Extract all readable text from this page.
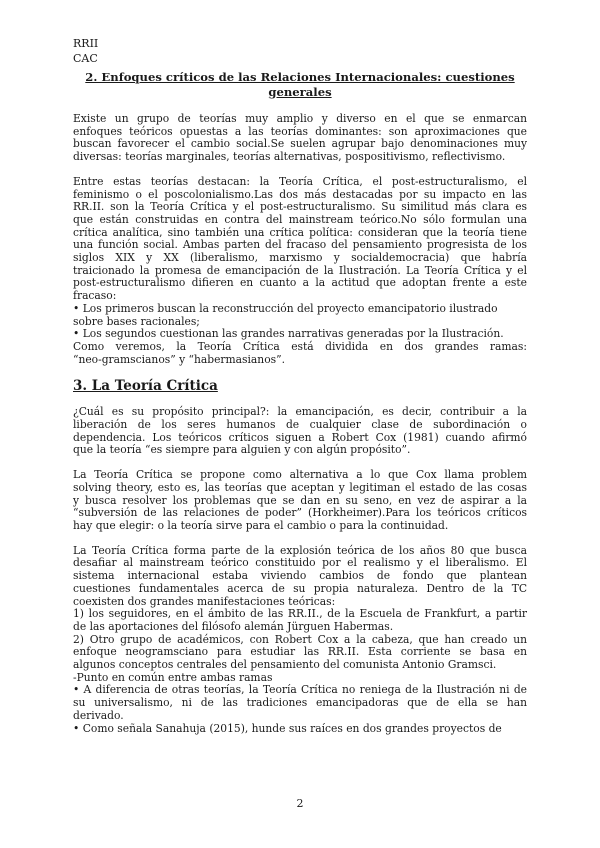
RRII
CAC
2. Enfoques críticos de las Relaciones Internacionales: cuestiones generales

Existe un grupo de teorías muy amplio y diverso en el que se enmarcan
enfoques teóricos opuestas a las teorías dominantes: son aproximaciones que
buscan favorecer el cambio social.Se suelen agrupar bajo denominaciones muy
diversas: teorías marginales, teorías alternativas, pospositivismo, reflectivismo.

Entre estas teorías destacan: la Teoría Crítica, el post-estructuralismo, el
feminismo o el poscolonialismo.Las dos más destacadas por su impacto en las
RR.II. son la Teoría Crítica y el post-estructuralismo. Su similitud más clara es
que están construidas en contra del mainstream teórico.No sólo formulan una
crítica analítica, sino también una crítica política: consideran que la teoría tiene
una función social. Ambas parten del fracaso del pensamiento progresista de los
siglos XIX y XX (liberalismo, marxismo y socialdemocracia) que habría
traicionado la promesa de emancipación de la Ilustración. La Teoría Crítica y el
post-estructuralismo difieren en cuanto a la actitud que adoptan frente a este
fracaso:
• Los primeros buscan la reconstrucción del proyecto emancipatorio ilustrado
sobre bases racionales;
• Los segundos cuestionan las grandes narrativas generadas por la Ilustración.
Como veremos, la Teoría Crítica está dividida en dos grandes ramas:
“neo-gramscianos” y “habermasianos”.

3. La Teoría Crítica

¿Cuál es su propósito principal?: la emancipación, es decir, contribuir a la
liberación de los seres humanos de cualquier clase de subordinación o
dependencia. Los teóricos críticos siguen a Robert Cox (1981) cuando afirmó
que la teoría “es siempre para alguien y con algún propósito”.

La Teoría Crítica se propone como alternativa a lo que Cox llama problem
solving theory, esto es, las teorías que aceptan y legitiman el estado de las cosas
y busca resolver los problemas que se dan en su seno, en vez de aspirar a la
“subversión de las relaciones de poder” (Horkheimer).Para los teóricos críticos
hay que elegir: o la teoría sirve para el cambio o para la continuidad.

La Teoría Crítica forma parte de la explosión teórica de los años 80 que busca
desafiar al mainstream teórico constituido por el realismo y el liberalismo. El
sistema internacional estaba viviendo cambios de fondo que plantean
cuestiones fundamentales acerca de su propia naturaleza. Dentro de la TC
coexisten dos grandes manifestaciones teóricas:
1) los seguidores, en el ámbito de las RR.II., de la Escuela de Frankfurt, a partir
de las aportaciones del filósofo alemán Jürguen Habermas.
2) Otro grupo de académicos, con Robert Cox a la cabeza, que han creado un
enfoque neogramsciano para estudiar las RR.II. Esta corriente se basa en
algunos conceptos centrales del pensamiento del comunista Antonio Gramsci.
-Punto en común entre ambas ramas
• A diferencia de otras teorías, la Teoría Crítica no reniega de la Ilustración ni de
su universalismo, ni de las tradiciones emancipadoras que de ella se han
derivado.
• Como señala Sanahuja (2015), hunde sus raíces en dos grandes proyectos de

2
